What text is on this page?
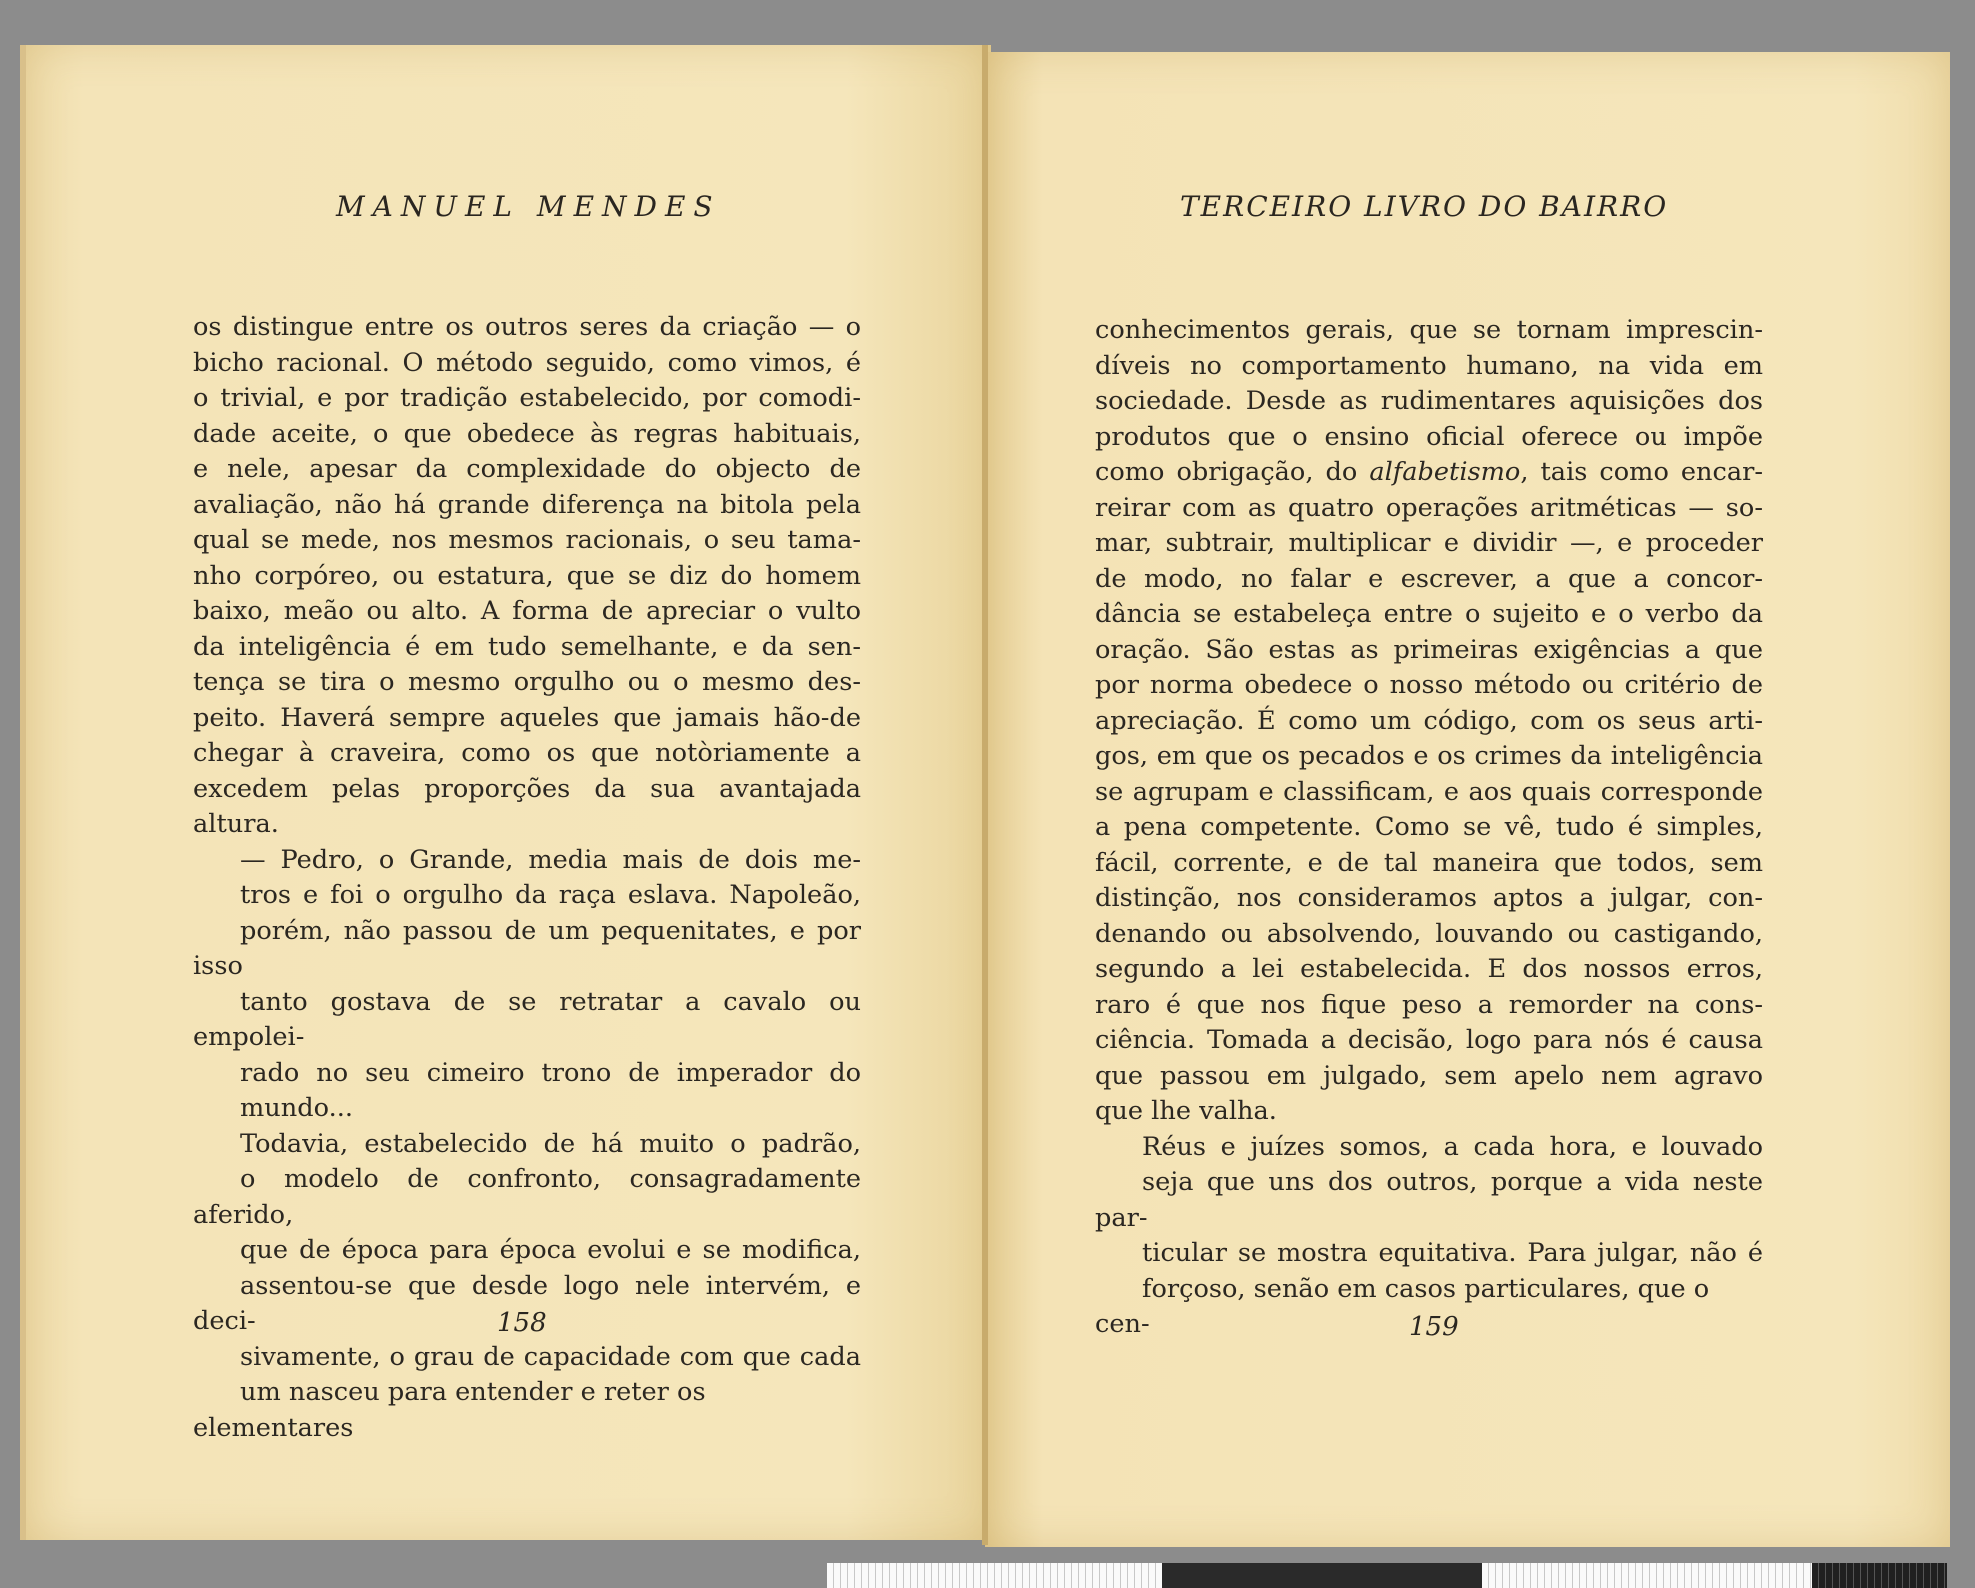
MANUEL MENDES	TERCEIRO LIVRO DO BAIRRO

os distingue entre os outros seres da criação — o
bicho racional. O método seguido, como vimos, é
o trivial, e por tradição estabelecido, por comodi-
dade aceite, o que obedece às regras habituais,
e nele, apesar da complexidade do objecto de
avaliação, não há grande diferença na bitola pela
qual se mede, nos mesmos racionais, o seu tama-
nho corpóreo, ou estatura, que se diz do homem
baixo, meão ou alto. A forma de apreciar o vulto
da inteligência é em tudo semelhante, e da sen-
tença se tira o mesmo orgulho ou o mesmo des-
peito. Haverá sempre aqueles que jamais hão-de
chegar à craveira, como os que notòriamente a
excedem pelas proporções da sua avantajada
altura.

— Pedro, o Grande, media mais de dois me-
tros e foi o orgulho da raça eslava. Napoleão,
porém, não passou de um pequenitates, e por isso
tanto gostava de se retratar a cavalo ou empolei-
rado no seu cimeiro trono de imperador do
mundo...

Todavia, estabelecido de há muito o padrão,
o modelo de confronto, consagradamente aferido,
que de época para época evolui e se modifica,
assentou-se que desde logo nele intervém, e deci-
sivamente, o grau de capacidade com que cada
um nasceu para entender e reter os elementares

conhecimentos gerais, que se tornam imprescin-
díveis no comportamento humano, na vida em
sociedade. Desde as rudimentares aquisições dos
produtos que o ensino oficial oferece ou impõe
como obrigação, do alfabetismo, tais como encar-
reirar com as quatro operações aritméticas — so-
mar, subtrair, multiplicar e dividir —, e proceder
de modo, no falar e escrever, a que a concor-
dância se estabeleça entre o sujeito e o verbo da
oração. São estas as primeiras exigências a que
por norma obedece o nosso método ou critério de
apreciação. É como um código, com os seus arti-
gos, em que os pecados e os crimes da inteligência
se agrupam e classificam, e aos quais corresponde
a pena competente. Como se vê, tudo é simples,
fácil, corrente, e de tal maneira que todos, sem
distinção, nos consideramos aptos a julgar, con-
denando ou absolvendo, louvando ou castigando,
segundo a lei estabelecida. E dos nossos erros,
raro é que nos fique peso a remorder na cons-
ciência. Tomada a decisão, logo para nós é causa
que passou em julgado, sem apelo nem agravo
que lhe valha.

Réus e juízes somos, a cada hora, e louvado
seja que uns dos outros, porque a vida neste par-
ticular se mostra equitativa. Para julgar, não é
forçoso, senão em casos particulares, que o cen-

158	159
